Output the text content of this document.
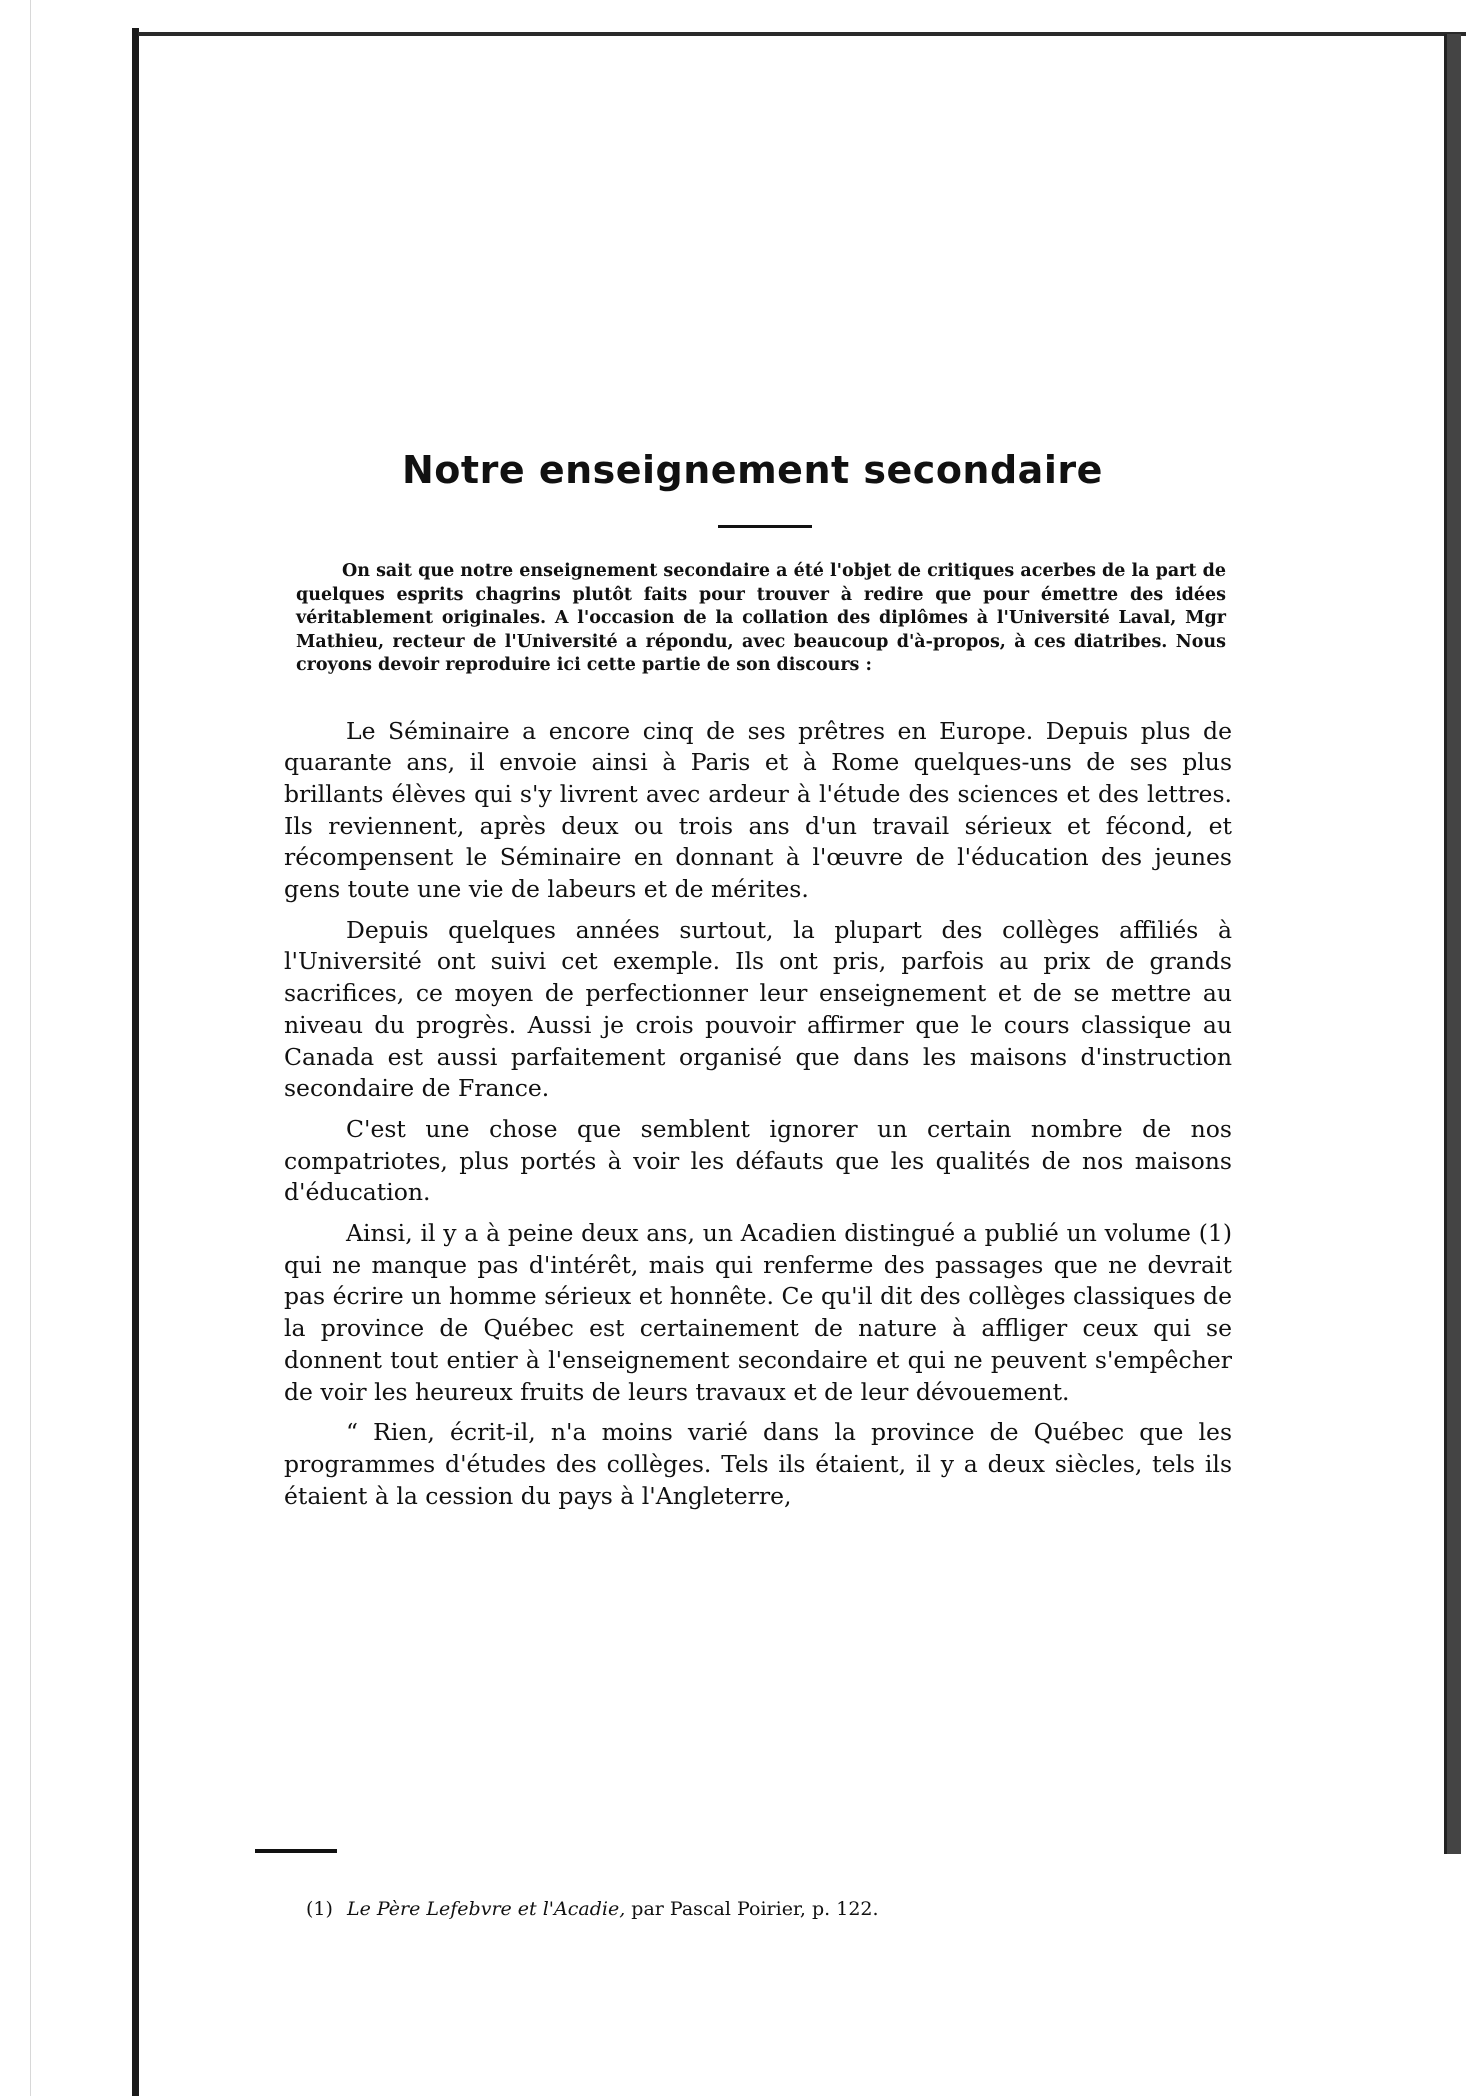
Notre enseignement secondaire

On sait que notre enseignement secondaire a été l'objet de critiques acerbes de la part de quelques esprits chagrins plutôt faits pour trouver à redire que pour émettre des idées véritablement originales. A l'occasion de la collation des diplômes à l'Université Laval, Mgr Mathieu, recteur de l'Université a répondu, avec beaucoup d'à-propos, à ces diatribes. Nous croyons devoir reproduire ici cette partie de son discours :

Le Séminaire a encore cinq de ses prêtres en Europe. Depuis plus de quarante ans, il envoie ainsi à Paris et à Rome quelques-uns de ses plus brillants élèves qui s'y livrent avec ardeur à l'étude des sciences et des lettres. Ils reviennent, après deux ou trois ans d'un travail sérieux et fécond, et récompensent le Séminaire en donnant à l'œuvre de l'éducation des jeunes gens toute une vie de labeurs et de mérites.

Depuis quelques années surtout, la plupart des collèges affiliés à l'Université ont suivi cet exemple. Ils ont pris, parfois au prix de grands sacrifices, ce moyen de perfectionner leur enseignement et de se mettre au niveau du progrès. Aussi je crois pouvoir affirmer que le cours classique au Canada est aussi parfaitement organisé que dans les maisons d'instruction secondaire de France.

C'est une chose que semblent ignorer un certain nombre de nos compatriotes, plus portés à voir les défauts que les qualités de nos maisons d'éducation.

Ainsi, il y a à peine deux ans, un Acadien distingué a publié un volume (1) qui ne manque pas d'intérêt, mais qui renferme des passages que ne devrait pas écrire un homme sérieux et honnête. Ce qu'il dit des collèges classiques de la province de Québec est certainement de nature à affliger ceux qui se donnent tout entier à l'enseignement secondaire et qui ne peuvent s'empêcher de voir les heureux fruits de leurs travaux et de leur dévouement.

“ Rien, écrit-il, n'a moins varié dans la province de Québec que les programmes d'études des collèges. Tels ils étaient, il y a deux siècles, tels ils étaient à la cession du pays à l'Angleterre,

(1) Le Père Lefebvre et l'Acadie, par Pascal Poirier, p. 122.
